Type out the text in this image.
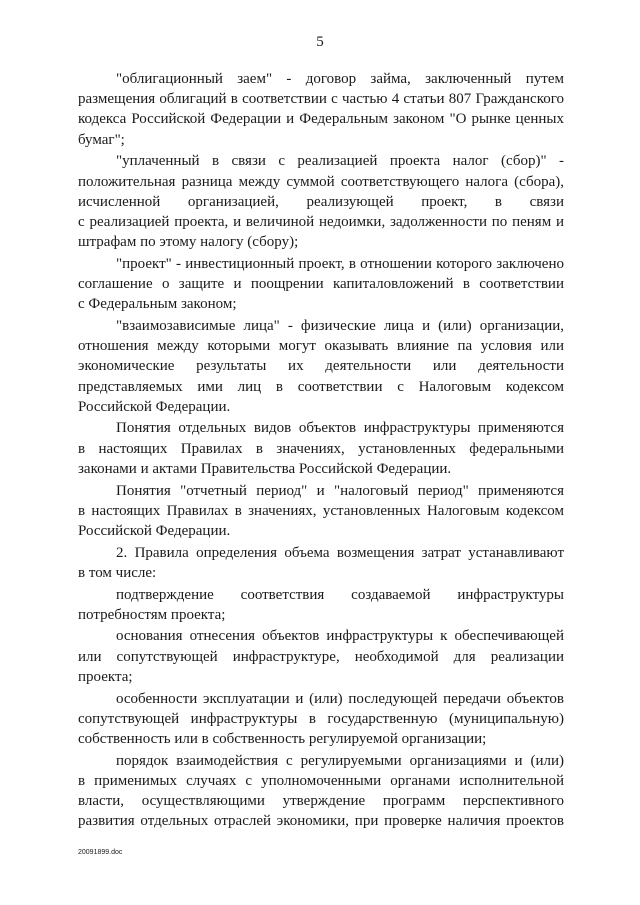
5
"облигационный заем" - договор займа, заключенный путем
размещения облигаций в соответствии с частью 4 статьи 807 Гражданского
кодекса Российской Федерации и Федеральным законом "О рынке ценных
бумаг";
"уплаченный в связи с реализацией проекта налог (сбор)" -
положительная разница между суммой соответствующего налога (сбора),
исчисленной организацией, реализующей проект, в связи
с реализацией проекта, и величиной недоимки, задолженности по пеням и
штрафам по этому налогу (сбору);
"проект" - инвестиционный проект, в отношении которого заключено
соглашение о защите и поощрении капиталовложений в соответствии
с Федеральным законом;
"взаимозависимые лица" - физические лица и (или) организации,
отношения между которыми могут оказывать влияние па условия или
экономические результаты их деятельности или деятельности
представляемых ими лиц в соответствии с Налоговым кодексом
Российской Федерации.
Понятия отдельных видов объектов инфраструктуры применяются
в настоящих Правилах в значениях, установленных федеральными
законами и актами Правительства Российской Федерации.
Понятия "отчетный период" и "налоговый период" применяются
в настоящих Правилах в значениях, установленных Налоговым кодексом
Российской Федерации.
2. Правила определения объема возмещения затрат устанавливают
в том числе:
подтверждение соответствия создаваемой инфраструктуры
потребностям проекта;
основания отнесения объектов инфраструктуры к обеспечивающей
или сопутствующей инфраструктуре, необходимой для реализации
проекта;
особенности эксплуатации и (или) последующей передачи объектов
сопутствующей инфраструктуры в государственную (муниципальную)
собственность или в собственность регулируемой организации;
порядок взаимодействия с регулируемыми организациями и (или)
в применимых случаях с уполномоченными органами исполнительной
власти, осуществляющими утверждение программ перспективного
развития отдельных отраслей экономики, при проверке наличия проектов
20091899.doc
